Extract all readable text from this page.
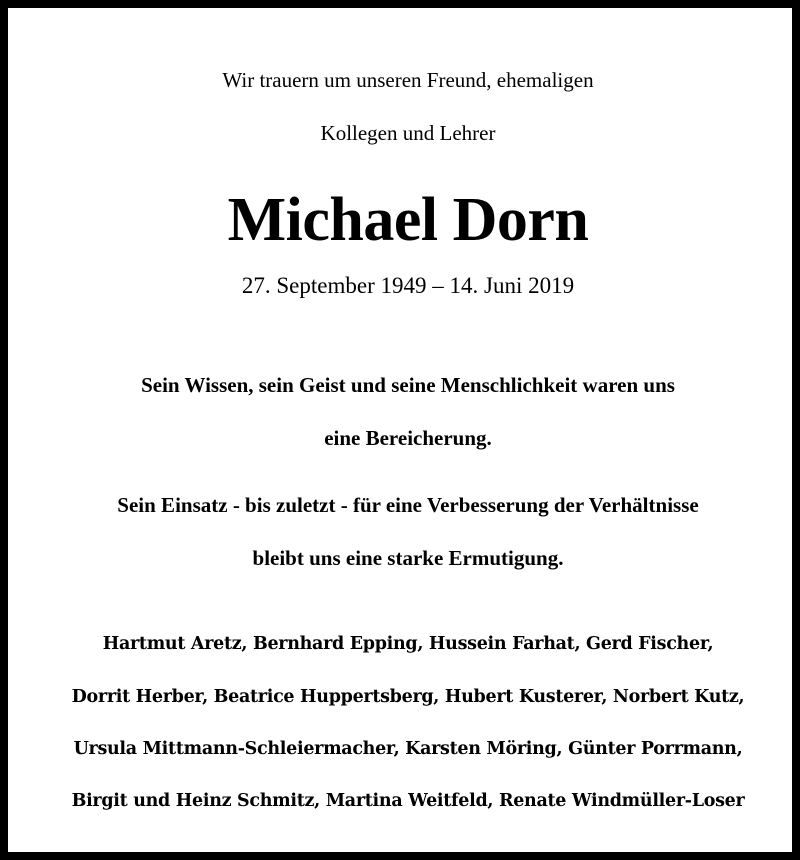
Wir trauern um unseren Freund, ehemaligen
Kollegen und Lehrer
Michael Dorn
27. September 1949 – 14. Juni 2019
Sein Wissen, sein Geist und seine Menschlichkeit waren uns
eine Bereicherung.
Sein Einsatz - bis zuletzt - für eine Verbesserung der Verhältnisse
bleibt uns eine starke Ermutigung.
Hartmut Aretz, Bernhard Epping, Hussein Farhat, Gerd Fischer,
Dorrit Herber, Beatrice Huppertsberg, Hubert Kusterer, Norbert Kutz,
Ursula Mittmann-Schleiermacher, Karsten Möring, Günter Porrmann,
Birgit und Heinz Schmitz, Martina Weitfeld, Renate Windmüller-Loser
